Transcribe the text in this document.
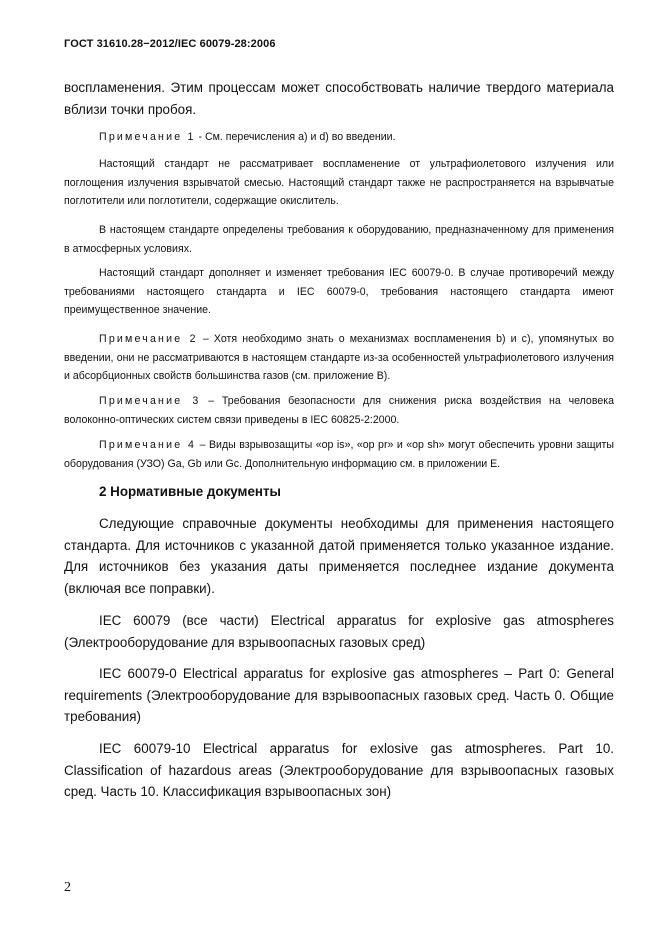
ГОСТ 31610.28−2012/IEC 60079-28:2006

воспламенения. Этим процессам может способствовать наличие твердого материала вблизи точки пробоя.

Примечание 1 - См. перечисления a) и d) во введении.

Настоящий стандарт не рассматривает воспламенение от ультрафиолетового излучения или поглощения излучения взрывчатой смесью. Настоящий стандарт также не распространяется на взрывчатые поглотители или поглотители, содержащие окислитель.

В настоящем стандарте определены требования к оборудованию, предназначенному для применения в атмосферных условиях.

Настоящий стандарт дополняет и изменяет требования IEC 60079-0. В случае противоречий между требованиями настоящего стандарта и IEC 60079-0, требования настоящего стандарта имеют преимущественное значение.

Примечание 2 – Хотя необходимо знать о механизмах воспламенения b) и c), упомянутых во введении, они не рассматриваются в настоящем стандарте из-за особенностей ультрафиолетового излучения и абсорбционных свойств большинства газов (см. приложение В).

Примечание 3 – Требования безопасности для снижения риска воздействия на человека волоконно-оптических систем связи приведены в IEC 60825-2:2000.

Примечание 4 – Виды взрывозащиты «op is», «op pr» и «op sh» могут обеспечить уровни защиты оборудования (УЗО) Ga, Gb или Gc. Дополнительную информацию см. в приложении Е.

2 Нормативные документы

Следующие справочные документы необходимы для применения настоящего стандарта. Для источников с указанной датой применяется только указанное издание. Для источников без указания даты применяется последнее издание документа (включая все поправки).

IEC 60079 (все части) Electrical apparatus for explosive gas atmospheres (Электрооборудование для взрывоопасных газовых сред)

IEC 60079-0 Electrical apparatus for explosive gas atmospheres – Part 0: General requirements (Электрооборудование для взрывоопасных газовых сред. Часть 0. Общие требования)

IEC 60079-10 Electrical apparatus for exlosive gas atmospheres. Part 10. Classification of hazardous areas (Электрооборудование для взрывоопасных газовых сред. Часть 10. Классификация взрывоопасных зон)

2
